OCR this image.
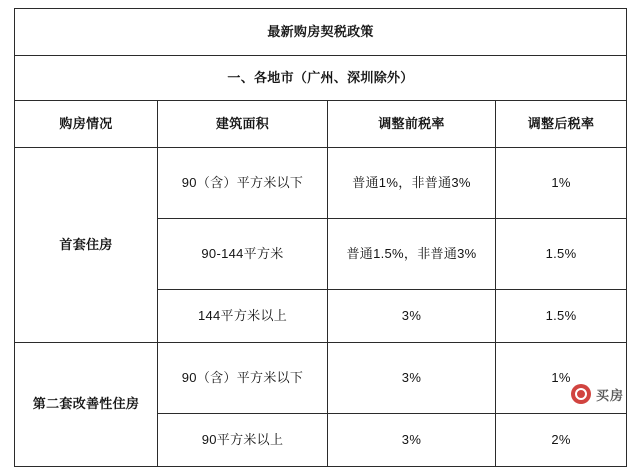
最新购房契税政策			
一、各地市（广州、深圳除外）			
购房情况	建筑面积	调整前税率	调整后税率
首套住房	90（含）平方米以下	普通1%，非普通3%	1%
	90-144平方米	普通1.5%，非普通3%	1.5%
	144平方米以上	3%	1.5%
第二套改善性住房	90（含）平方米以下	3%	1%
	90平方米以上	3%	2%
买房
